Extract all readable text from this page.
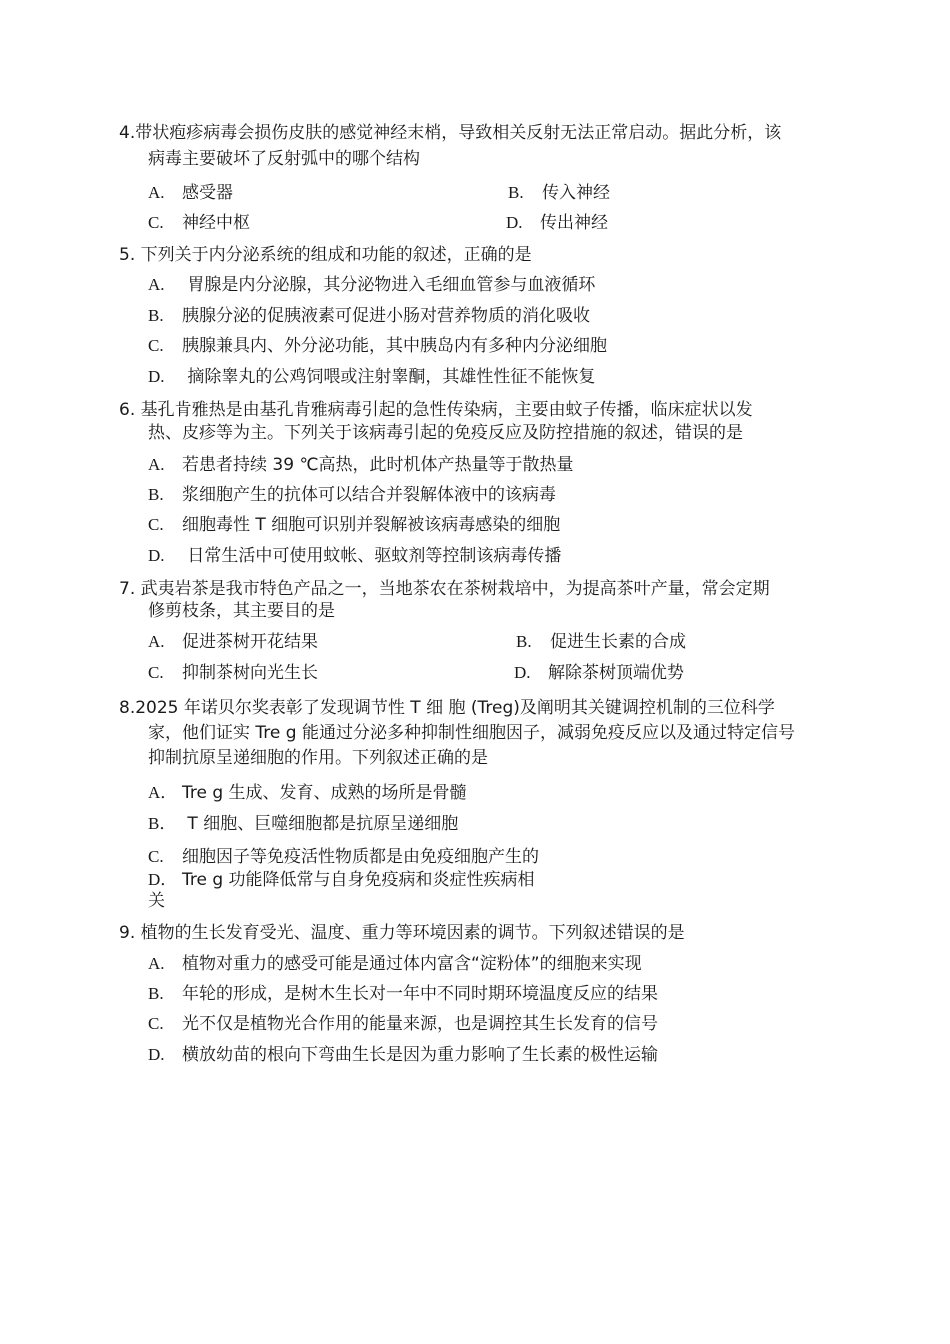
4.带状疱疹病毒会损伤皮肤的感觉神经末梢，导致相关反射无法正常启动。据此分析，该
病毒主要破坏了反射弧中的哪个结构
A. 感受器	B. 传入神经
C. 神经中枢	D. 传出神经
5. 下列关于内分泌系统的组成和功能的叙述，正确的是
A. 胃腺是内分泌腺，其分泌物进入毛细血管参与血液循环
B. 胰腺分泌的促胰液素可促进小肠对营养物质的消化吸收
C. 胰腺兼具内、外分泌功能，其中胰岛内有多种内分泌细胞
D. 摘除睾丸的公鸡饲喂或注射睾酮，其雄性性征不能恢复
6. 基孔肯雅热是由基孔肯雅病毒引起的急性传染病，主要由蚊子传播，临床症状以发
热、皮疹等为主。下列关于该病毒引起的免疫反应及防控措施的叙述，错误的是
A. 若患者持续 39 ℃高热，此时机体产热量等于散热量
B. 浆细胞产生的抗体可以结合并裂解体液中的该病毒
C. 细胞毒性 T 细胞可识别并裂解被该病毒感染的细胞
D. 日常生活中可使用蚊帐、驱蚊剂等控制该病毒传播
7. 武夷岩茶是我市特色产品之一，当地茶农在茶树栽培中，为提高茶叶产量，常会定期
修剪枝条，其主要目的是
A. 促进茶树开花结果	B. 促进生长素的合成
C. 抑制茶树向光生长	D. 解除茶树顶端优势
8.2025 年诺贝尔奖表彰了发现调节性 T 细 胞 (Treg)及阐明其关键调控机制的三位科学
家，他们证实 Tre g 能通过分泌多种抑制性细胞因子，减弱免疫反应以及通过特定信号
抑制抗原呈递细胞的作用。下列叙述正确的是
A． Tre g 生成、发育、成熟的场所是骨髓
B． T 细胞、巨噬细胞都是抗原呈递细胞
C. 细胞因子等免疫活性物质都是由免疫细胞产生的
D． Tre g 功能降低常与自身免疫病和炎症性疾病相
关
9. 植物的生长发育受光、温度、重力等环境因素的调节。下列叙述错误的是
A. 植物对重力的感受可能是通过体内富含“淀粉体”的细胞来实现
B. 年轮的形成，是树木生长对一年中不同时期环境温度反应的结果
C. 光不仅是植物光合作用的能量来源，也是调控其生长发育的信号
D. 横放幼苗的根向下弯曲生长是因为重力影响了生长素的极性运输
